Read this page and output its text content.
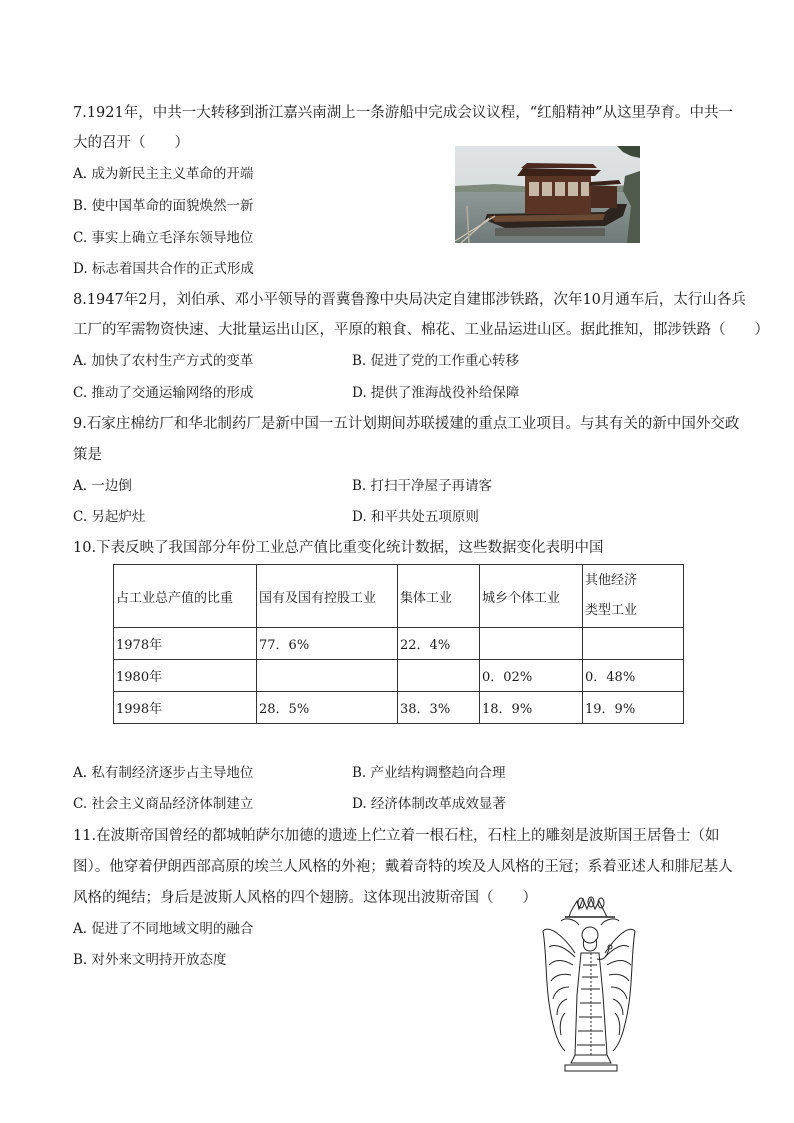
7.1921年，中共一大转移到浙江嘉兴南湖上一条游船中完成会议议程，“红船精神”从这里孕育。中共一
大的召开（　　）
A. 成为新民主主义革命的开端
B. 使中国革命的面貌焕然一新
C. 事实上确立毛泽东领导地位
D. 标志着国共合作的正式形成
8.1947年2月，刘伯承、邓小平领导的晋冀鲁豫中央局决定自建邯涉铁路，次年10月通车后，太行山各兵
工厂的军需物资快速、大批量运出山区，平原的粮食、棉花、工业品运进山区。据此推知，邯涉铁路（　　）
A. 加快了农村生产方式的变革	B. 促进了党的工作重心转移
C. 推动了交通运输网络的形成	D. 提供了淮海战役补给保障
9.石家庄棉纺厂和华北制药厂是新中国一五计划期间苏联援建的重点工业项目。与其有关的新中国外交政
策是
A. 一边倒	B. 打扫干净屋子再请客
C. 另起炉灶	D. 和平共处五项原则
10.下表反映了我国部分年份工业总产值比重变化统计数据，这些数据变化表明中国
占工业总产值的比重	国有及国有控股工业	集体工业	城乡个体工业	其他经济
类型工业

1978年	77．6%	22．4%		
1980年			0．02%	0．48%
1998年	28．5%	38．3%	18．9%	19．9%
A. 私有制经济逐步占主导地位	B. 产业结构调整趋向合理
C. 社会主义商品经济体制建立	D. 经济体制改革成效显著
11.在波斯帝国曾经的都城帕萨尔加德的遗迹上伫立着一根石柱，石柱上的雕刻是波斯国王居鲁士（如
图）。他穿着伊朗西部高原的埃兰人风格的外袍；戴着奇特的埃及人风格的王冠；系着亚述人和腓尼基人
风格的绳结；身后是波斯人风格的四个翅膀。这体现出波斯帝国（　　）
A. 促进了不同地域文明的融合
B. 对外来文明持开放态度
